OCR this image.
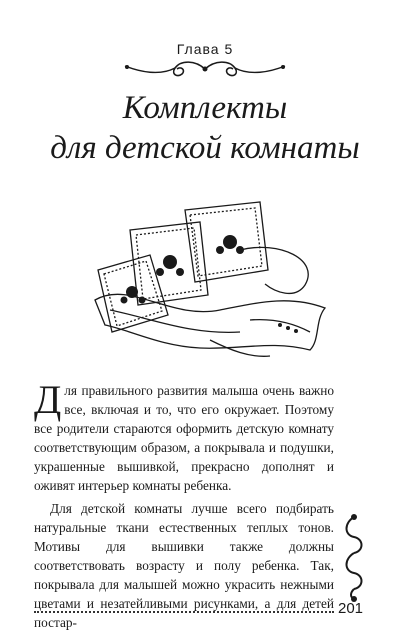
Глава 5
Комплекты
для детской комнаты

Для правильного развития малыша очень важно все, включая и то, что его окружает. Поэтому все родители стараются оформить детскую комнату соответствующим образом, а покрывала и подушки, украшенные вышивкой, прекрасно дополнят и оживят интерьер комнаты ребенка.

Для детской комнаты лучше всего подбирать натуральные ткани естественных теплых тонов. Мотивы для вышивки также должны соответствовать возрасту и полу ребенка. Так, покрывала для малышей можно украсить нежными цветами и незатейливыми рисунками, а для детей постар-

201
